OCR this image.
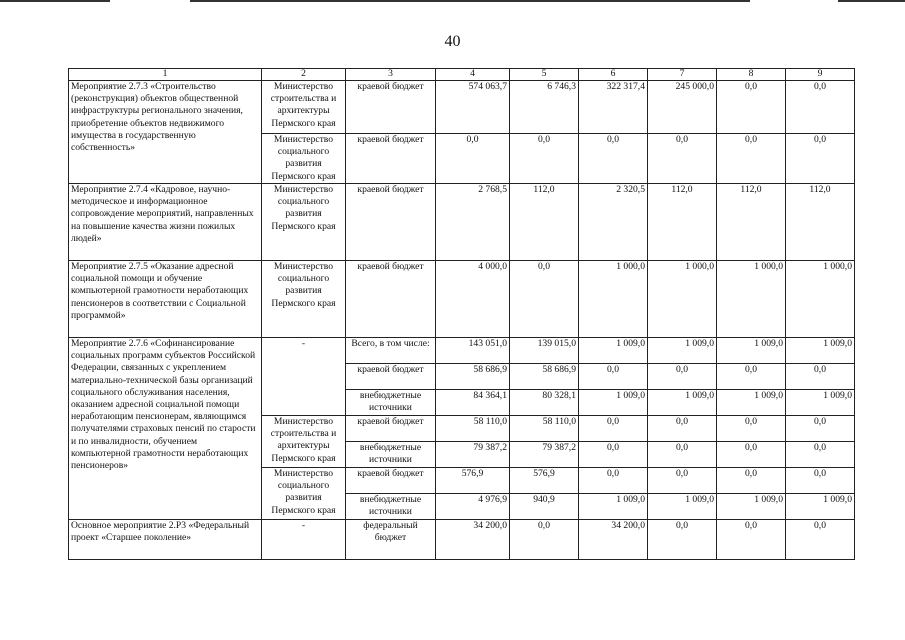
40
1	2	3	4	5	6	7	8	9
Мероприятие 2.7.3 «Строительство (реконструкция) объектов общественной инфраструктуры регионального значения, приобретение объектов недвижимого имущества в государственную собственность»	Министерство строительства и архитектуры Пермского края	краевой бюджет	574 063,7	6 746,3	322 317,4	245 000,0	0,0	0,0
	Министерство социального развития Пермского края	краевой бюджет	0,0	0,0	0,0	0,0	0,0	0,0
Мероприятие 2.7.4 «Кадровое, научно-методическое и информационное сопровождение мероприятий, направленных на повышение качества жизни пожилых людей»	Министерство социального развития Пермского края	краевой бюджет	2 768,5	112,0	2 320,5	112,0	112,0	112,0
Мероприятие 2.7.5 «Оказание адресной социальной помощи и обучение компьютерной грамотности неработающих пенсионеров в соответствии с Социальной программой»	Министерство социального развития Пермского края	краевой бюджет	4 000,0	0,0	1 000,0	1 000,0	1 000,0	1 000,0
Мероприятие 2.7.6 «Софинансирование социальных программ субъектов Российской Федерации, связанных с укреплением материально-технической базы организаций социального обслуживания населения, оказанием адресной социальной помощи неработающим пенсионерам, являющимся получателями страховых пенсий по старости и по инвалидности, обучением компьютерной грамотности неработающих пенсионеров»	-	Всего, в том числе:	143 051,0	139 015,0	1 009,0	1 009,0	1 009,0	1 009,0
		краевой бюджет	58 686,9	58 686,9	0,0	0,0	0,0	0,0
		внебюджетные источники	84 364,1	80 328,1	1 009,0	1 009,0	1 009,0	1 009,0
	Министерство строительства и архитектуры Пермского края	краевой бюджет	58 110,0	58 110,0	0,0	0,0	0,0	0,0
		внебюджетные источники	79 387,2	79 387,2	0,0	0,0	0,0	0,0
	Министерство социального развития Пермского края	краевой бюджет	576,9	576,9	0,0	0,0	0,0	0,0
		внебюджетные источники	4 976,9	940,9	1 009,0	1 009,0	1 009,0	1 009,0
Основное мероприятие 2.Р3 «Федеральный проект «Старшее поколение»	-	федеральный бюджет	34 200,0	0,0	34 200,0	0,0	0,0	0,0
